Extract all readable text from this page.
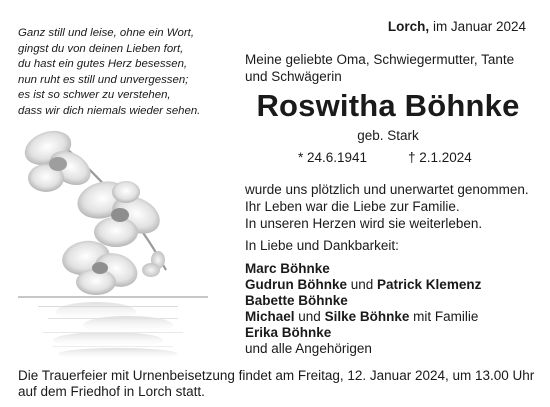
Ganz still und leise, ohne ein Wort,
gingst du von deinen Lieben fort,
du hast ein gutes Herz besessen,
nun ruht es still und unvergessen;
es ist so schwer zu verstehen,
dass wir dich niemals wieder sehen.
Lorch, im Januar 2024
Meine geliebte Oma, Schwiegermutter, Tante
und Schwägerin
Roswitha Böhnke
geb. Stark
* 24.6.1941	† 2.1.2024
wurde uns plötzlich und unerwartet genommen.
Ihr Leben war die Liebe zur Familie.
In unseren Herzen wird sie weiterleben.
In Liebe und Dankbarkeit:
Marc Böhnke
Gudrun Böhnke und Patrick Klemenz
Babette Böhnke
Michael und Silke Böhnke mit Familie
Erika Böhnke
und alle Angehörigen
Die Trauerfeier mit Urnenbeisetzung findet am Freitag, 12. Januar 2024, um 13.00 Uhr
auf dem Friedhof in Lorch statt.
